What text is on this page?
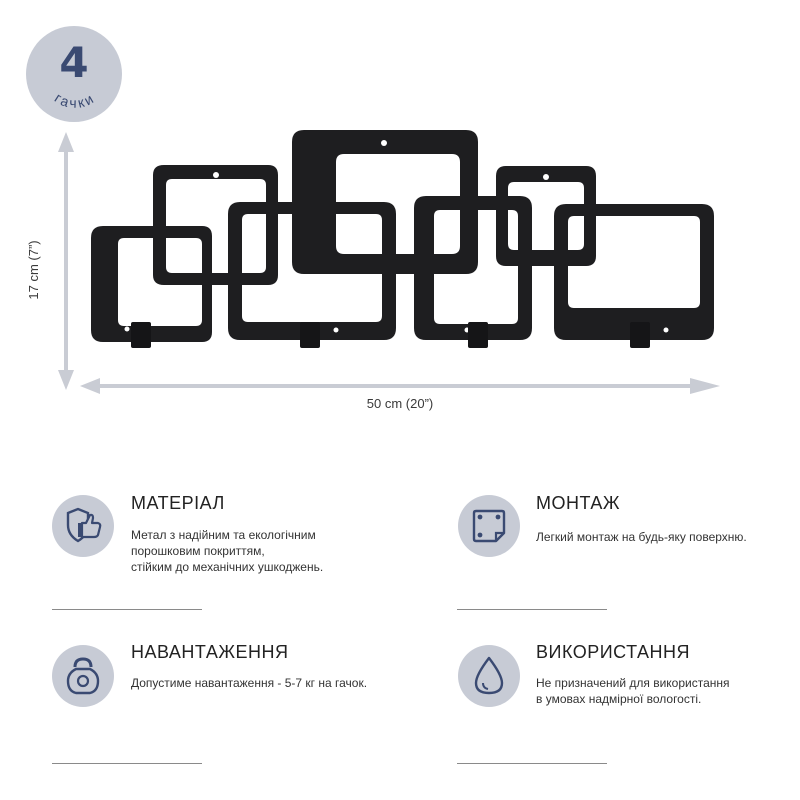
4
гачки
50 cm (20”)
17 cm (7”)
МАТЕРІАЛ
Метал з надійним та екологічним
порошковим покриттям,
стійким до механічних ушкоджень.
МОНТАЖ
Легкий монтаж на будь-яку поверхню.
НАВАНТАЖЕННЯ
Допустиме навантаження - 5-7 кг на гачок.
ВИКОРИСТАННЯ
Не призначений для використання
в умовах надмірної вологості.
